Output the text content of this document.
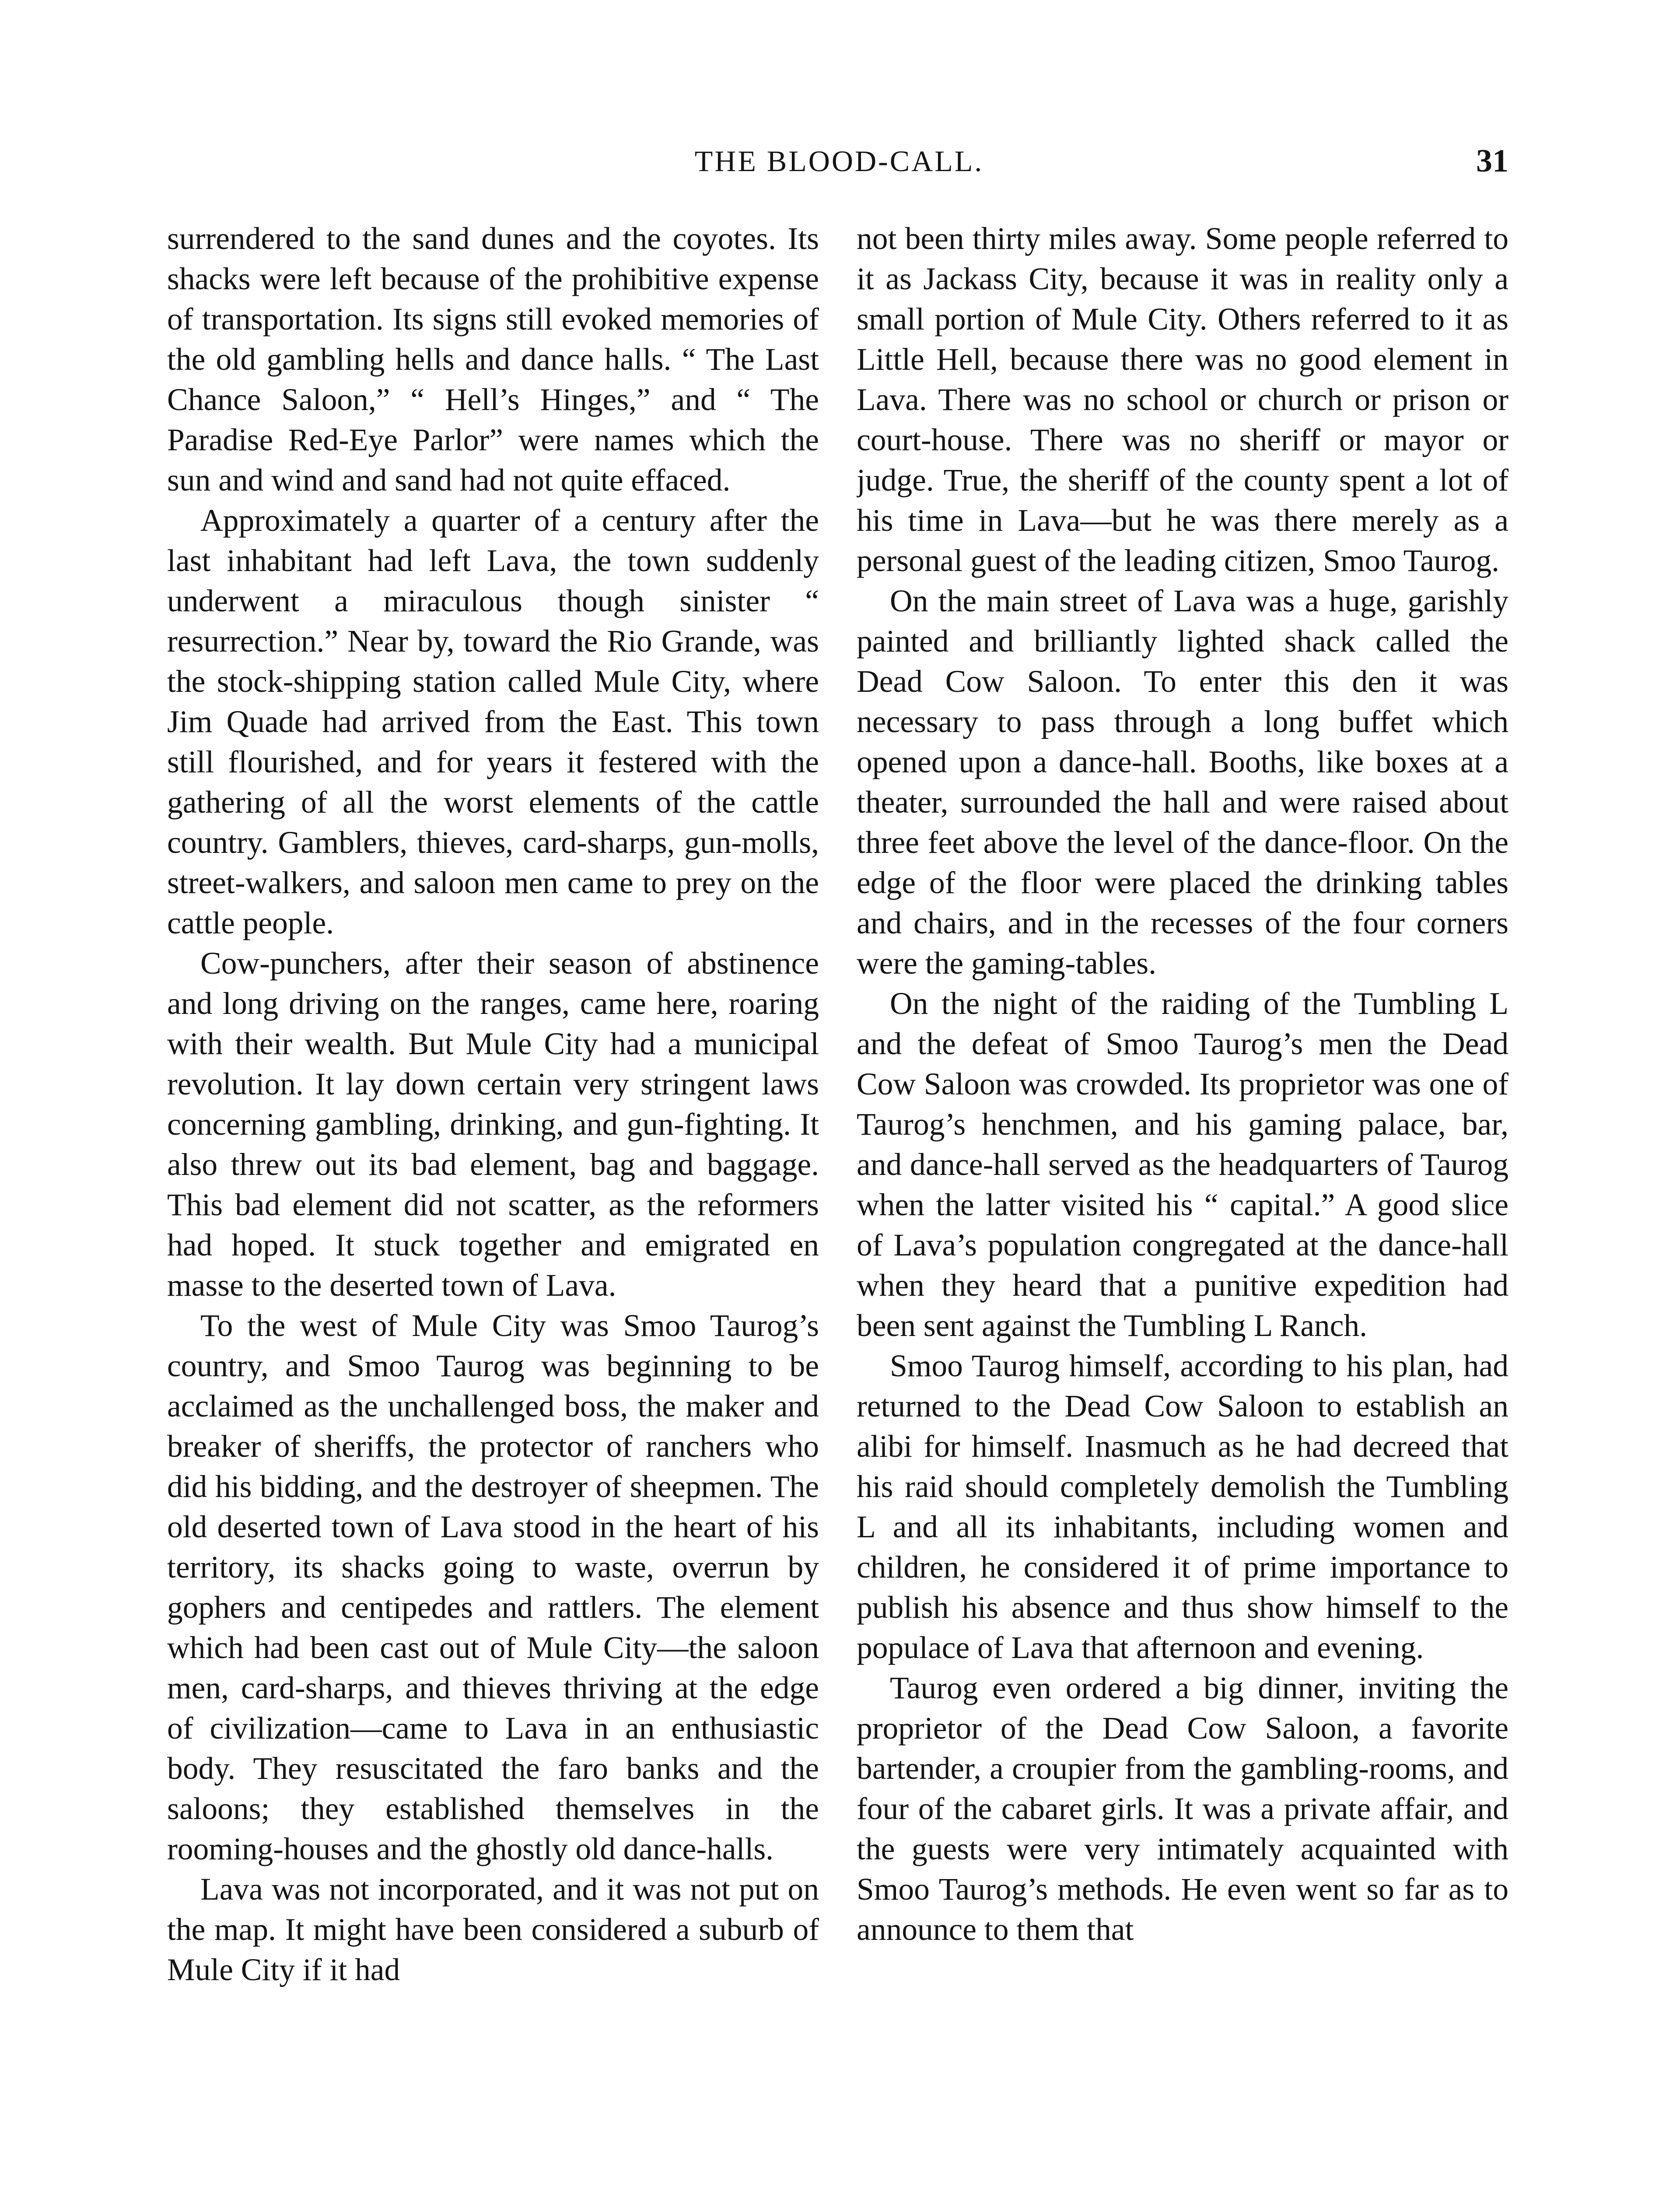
THE BLOOD-CALL.	31

surrendered to the sand dunes and the coyotes. Its shacks were left because of the prohibitive expense of transportation. Its signs still evoked memories of the old gambling hells and dance halls. “ The Last Chance Saloon,” “ Hell’s Hinges,” and “ The Paradise Red-Eye Parlor” were names which the sun and wind and sand had not quite effaced.

Approximately a quarter of a century after the last inhabitant had left Lava, the town suddenly underwent a miraculous though sinister “ resurrection.” Near by, toward the Rio Grande, was the stock-shipping station called Mule City, where Jim Quade had arrived from the East. This town still flourished, and for years it festered with the gathering of all the worst elements of the cattle country. Gamblers, thieves, card-sharps, gun-molls, street-walkers, and saloon men came to prey on the cattle people.

Cow-punchers, after their season of abstinence and long driving on the ranges, came here, roaring with their wealth. But Mule City had a municipal revolution. It lay down certain very stringent laws concerning gambling, drinking, and gun-fighting. It also threw out its bad element, bag and baggage. This bad element did not scatter, as the reformers had hoped. It stuck together and emigrated en masse to the deserted town of Lava.

To the west of Mule City was Smoo Taurog’s country, and Smoo Taurog was beginning to be acclaimed as the unchallenged boss, the maker and breaker of sheriffs, the protector of ranchers who did his bidding, and the destroyer of sheepmen. The old deserted town of Lava stood in the heart of his territory, its shacks going to waste, overrun by gophers and centipedes and rattlers. The element which had been cast out of Mule City—the saloon men, card-sharps, and thieves thriving at the edge of civilization—came to Lava in an enthusiastic body. They resuscitated the faro banks and the saloons; they established themselves in the rooming-houses and the ghostly old dance-halls.

Lava was not incorporated, and it was not put on the map. It might have been considered a suburb of Mule City if it had

not been thirty miles away. Some people referred to it as Jackass City, because it was in reality only a small portion of Mule City. Others referred to it as Little Hell, because there was no good element in Lava. There was no school or church or prison or court-house. There was no sheriff or mayor or judge. True, the sheriff of the county spent a lot of his time in Lava—but he was there merely as a personal guest of the leading citizen, Smoo Taurog.

On the main street of Lava was a huge, garishly painted and brilliantly lighted shack called the Dead Cow Saloon. To enter this den it was necessary to pass through a long buffet which opened upon a dance-hall. Booths, like boxes at a theater, surrounded the hall and were raised about three feet above the level of the dance-floor. On the edge of the floor were placed the drinking tables and chairs, and in the recesses of the four corners were the gaming-tables.

On the night of the raiding of the Tumbling L and the defeat of Smoo Taurog’s men the Dead Cow Saloon was crowded. Its proprietor was one of Taurog’s henchmen, and his gaming palace, bar, and dance-hall served as the headquarters of Taurog when the latter visited his “ capital.” A good slice of Lava’s population congregated at the dance-hall when they heard that a punitive expedition had been sent against the Tumbling L Ranch.

Smoo Taurog himself, according to his plan, had returned to the Dead Cow Saloon to establish an alibi for himself. Inasmuch as he had decreed that his raid should completely demolish the Tumbling L and all its inhabitants, including women and children, he considered it of prime importance to publish his absence and thus show himself to the populace of Lava that afternoon and evening.

Taurog even ordered a big dinner, inviting the proprietor of the Dead Cow Saloon, a favorite bartender, a croupier from the gambling-rooms, and four of the cabaret girls. It was a private affair, and the guests were very intimately acquainted with Smoo Taurog’s methods. He even went so far as to announce to them that
